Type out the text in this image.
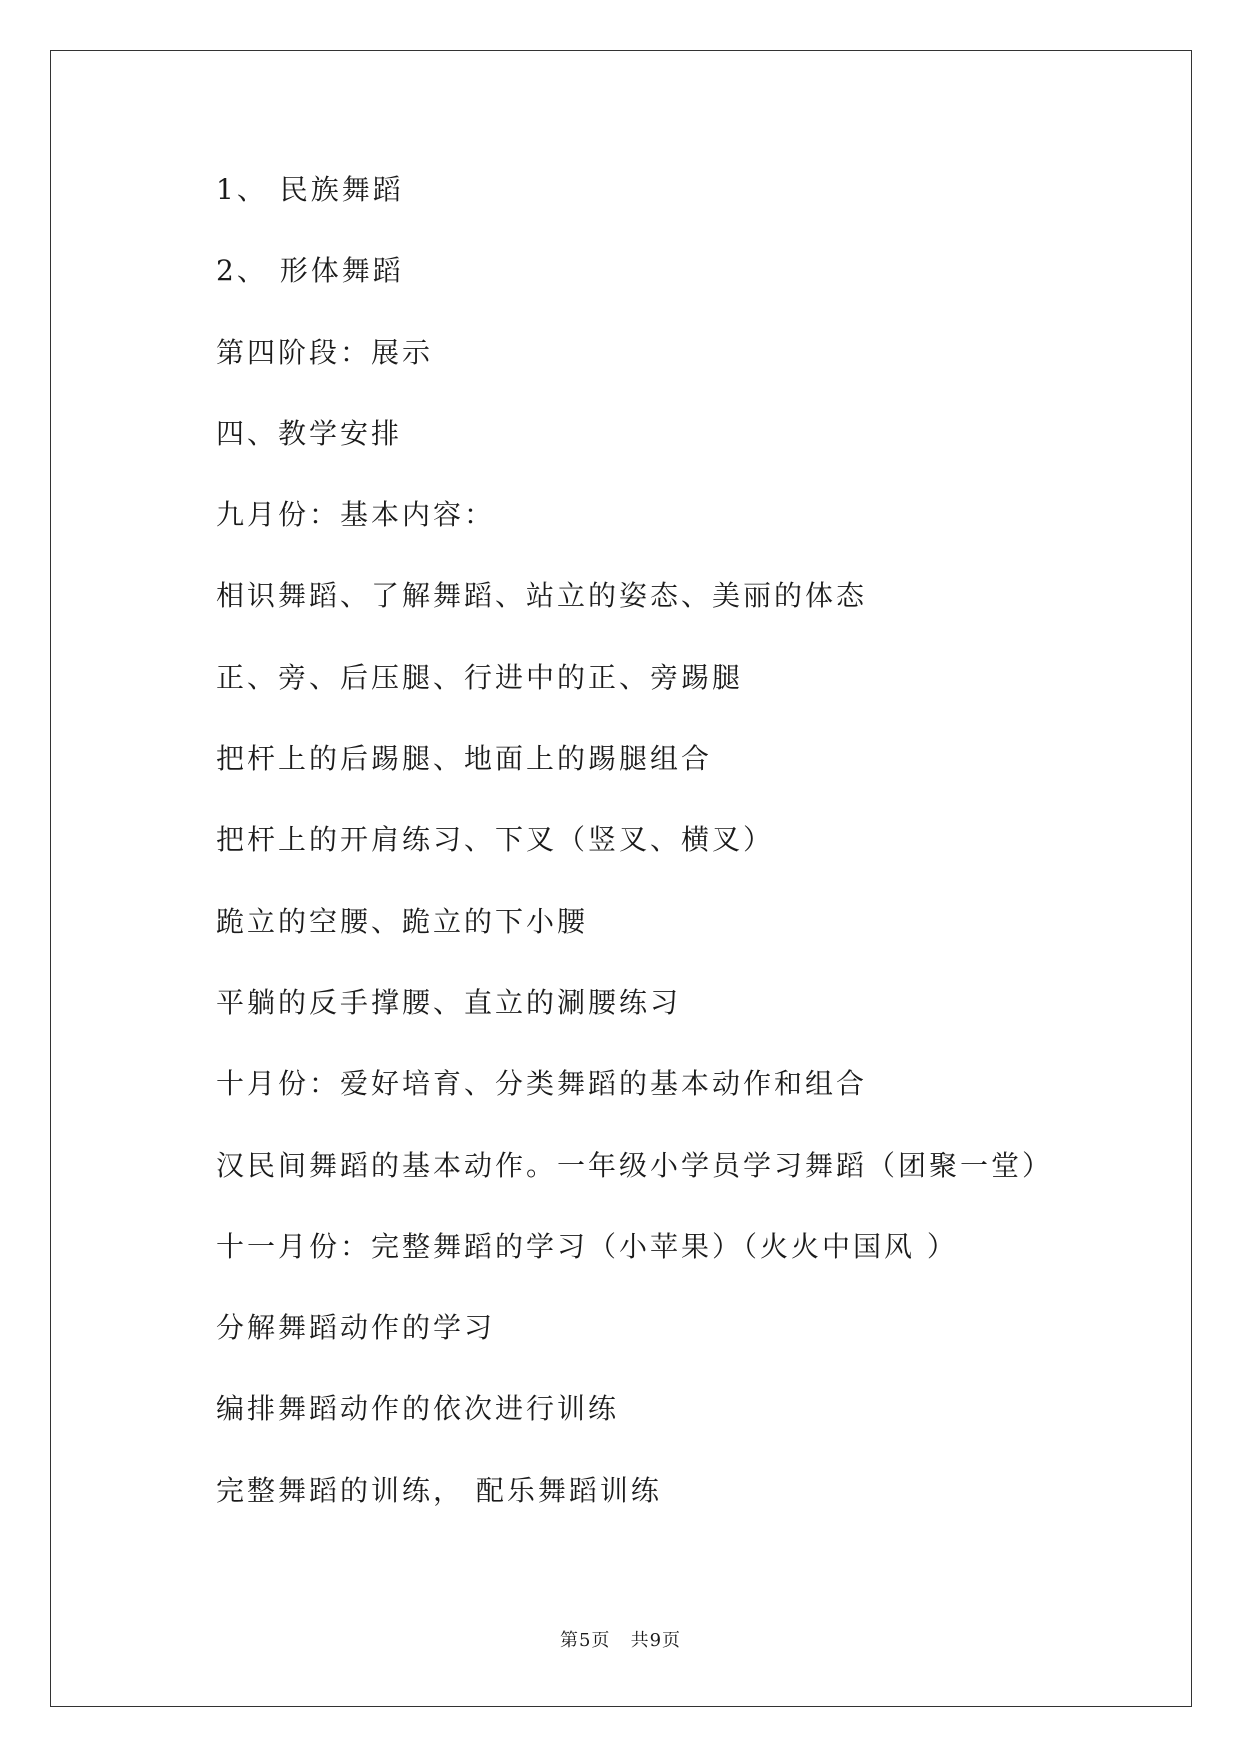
1、 民族舞蹈
2、 形体舞蹈
第四阶段：展示
四、教学安排
九月份：基本内容：
相识舞蹈、了解舞蹈、站立的姿态、美丽的体态
正、旁、后压腿、行进中的正、旁踢腿
把杆上的后踢腿、地面上的踢腿组合
把杆上的开肩练习、下叉（竖叉、横叉）
跪立的空腰、跪立的下小腰
平躺的反手撑腰、直立的涮腰练习
十月份：爱好培育、分类舞蹈的基本动作和组合
汉民间舞蹈的基本动作。一年级小学员学习舞蹈（团聚一堂）
十一月份：完整舞蹈的学习（小苹果）（火火中国风 ）
分解舞蹈动作的学习
编排舞蹈动作的依次进行训练
完整舞蹈的训练， 配乐舞蹈训练
第5页   共9页
